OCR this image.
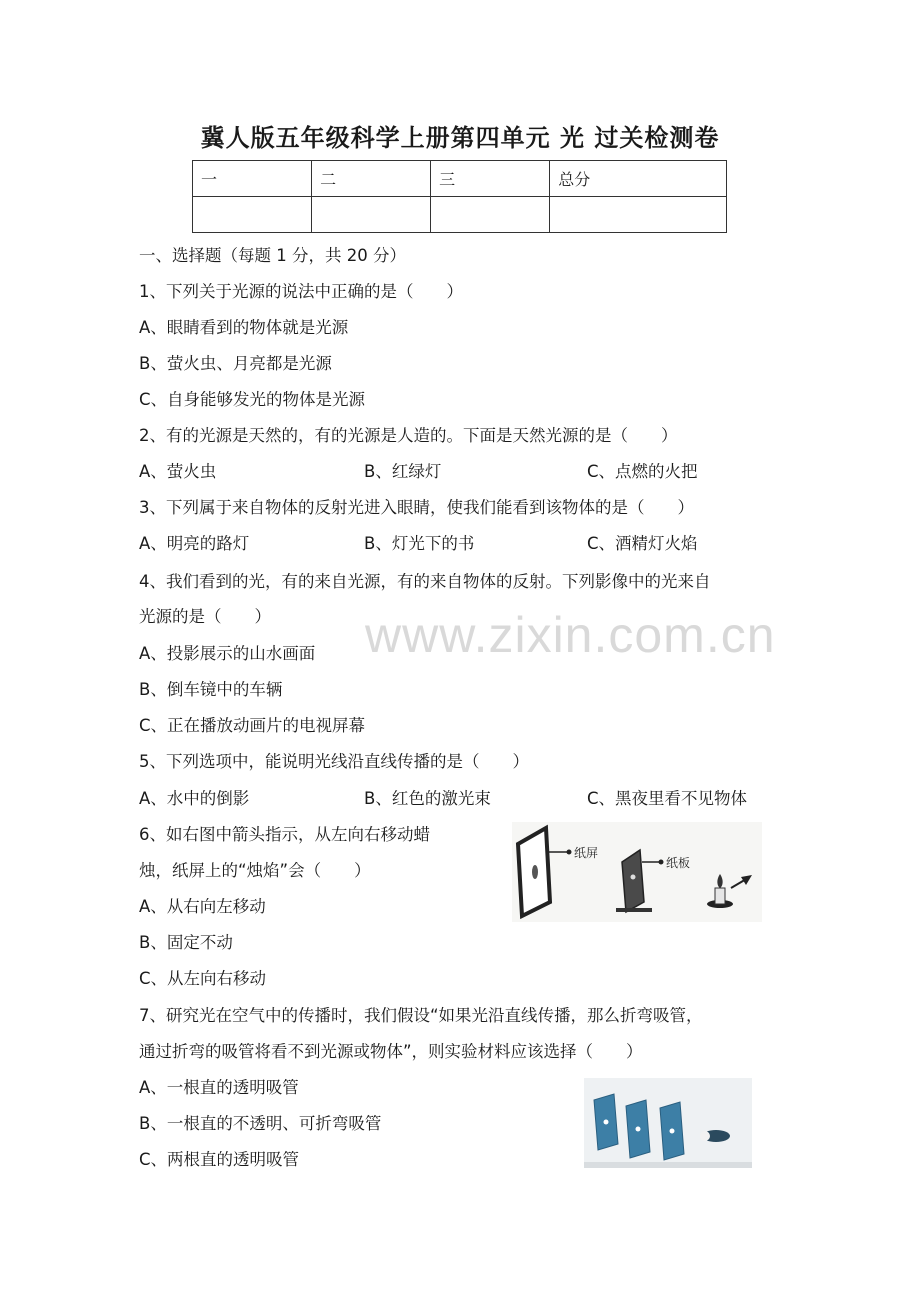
冀人版五年级科学上册第四单元 光 过关检测卷
一	二	三	总分

www.zixin.com.cn
一、选择题（每题 1 分，共 20 分）
1、下列关于光源的说法中正确的是（　　）
A、眼睛看到的物体就是光源
B、萤火虫、月亮都是光源
C、自身能够发光的物体是光源
2、有的光源是天然的，有的光源是人造的。下面是天然光源的是（　　）
A、萤火虫	B、红绿灯	C、点燃的火把
3、下列属于来自物体的反射光进入眼睛，使我们能看到该物体的是（　　）
A、明亮的路灯	B、灯光下的书	C、酒精灯火焰
4、我们看到的光，有的来自光源，有的来自物体的反射。下列影像中的光来自
光源的是（　　）
A、投影展示的山水画面
B、倒车镜中的车辆
C、正在播放动画片的电视屏幕
5、下列选项中，能说明光线沿直线传播的是（　　）
A、水中的倒影	B、红色的激光束	C、黑夜里看不见物体
6、如右图中箭头指示，从左向右移动蜡
烛，纸屏上的“烛焰”会（　　）
A、从右向左移动
B、固定不动
C、从左向右移动
纸屏
纸板
7、研究光在空气中的传播时，我们假设“如果光沿直线传播，那么折弯吸管，
通过折弯的吸管将看不到光源或物体”，则实验材料应该选择（　　）
A、一根直的透明吸管
B、一根直的不透明、可折弯吸管
C、两根直的透明吸管
